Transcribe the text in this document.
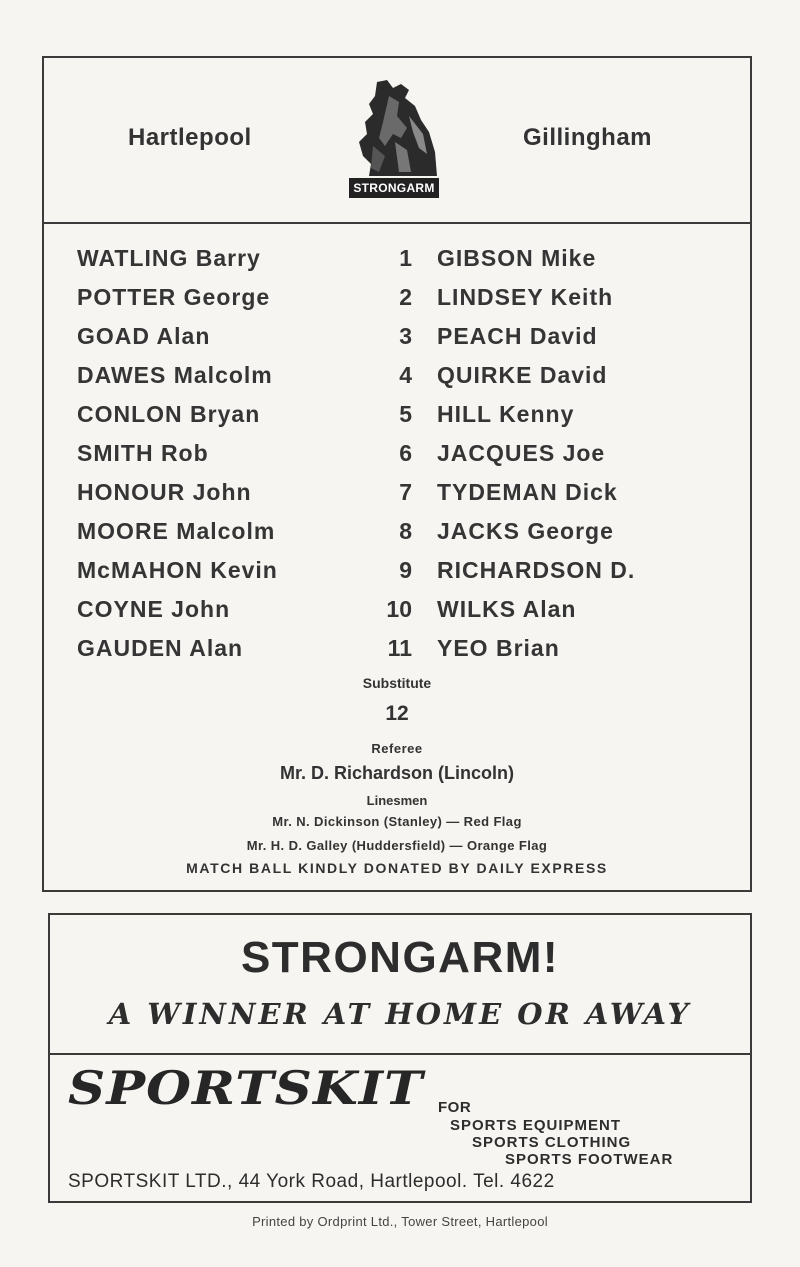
Hartlepool
STRONGARM
Gillingham
WATLING Barry	1 GIBSON Mike
POTTER George	2 LINDSEY Keith
GOAD Alan	3 PEACH David
DAWES Malcolm	4 QUIRKE David
CONLON Bryan	5 HILL Kenny
SMITH Rob	6 JACQUES Joe
HONOUR John	7 TYDEMAN Dick
MOORE Malcolm	8 JACKS George
McMAHON Kevin	9 RICHARDSON D.
COYNE John	10 WILKS Alan
GAUDEN Alan	11 YEO Brian
Substitute
12
Referee
Mr. D. Richardson (Lincoln)
Linesmen
Mr. N. Dickinson (Stanley) — Red Flag
Mr. H. D. Galley (Huddersfield) — Orange Flag
MATCH BALL KINDLY DONATED BY DAILY EXPRESS
STRONGARM!
A WINNER AT HOME OR AWAY
SPORTSKIT FOR
SPORTS EQUIPMENT
SPORTS CLOTHING
SPORTS FOOTWEAR
SPORTSKIT LTD., 44 York Road, Hartlepool. Tel. 4622
Printed by Ordprint Ltd., Tower Street, Hartlepool
